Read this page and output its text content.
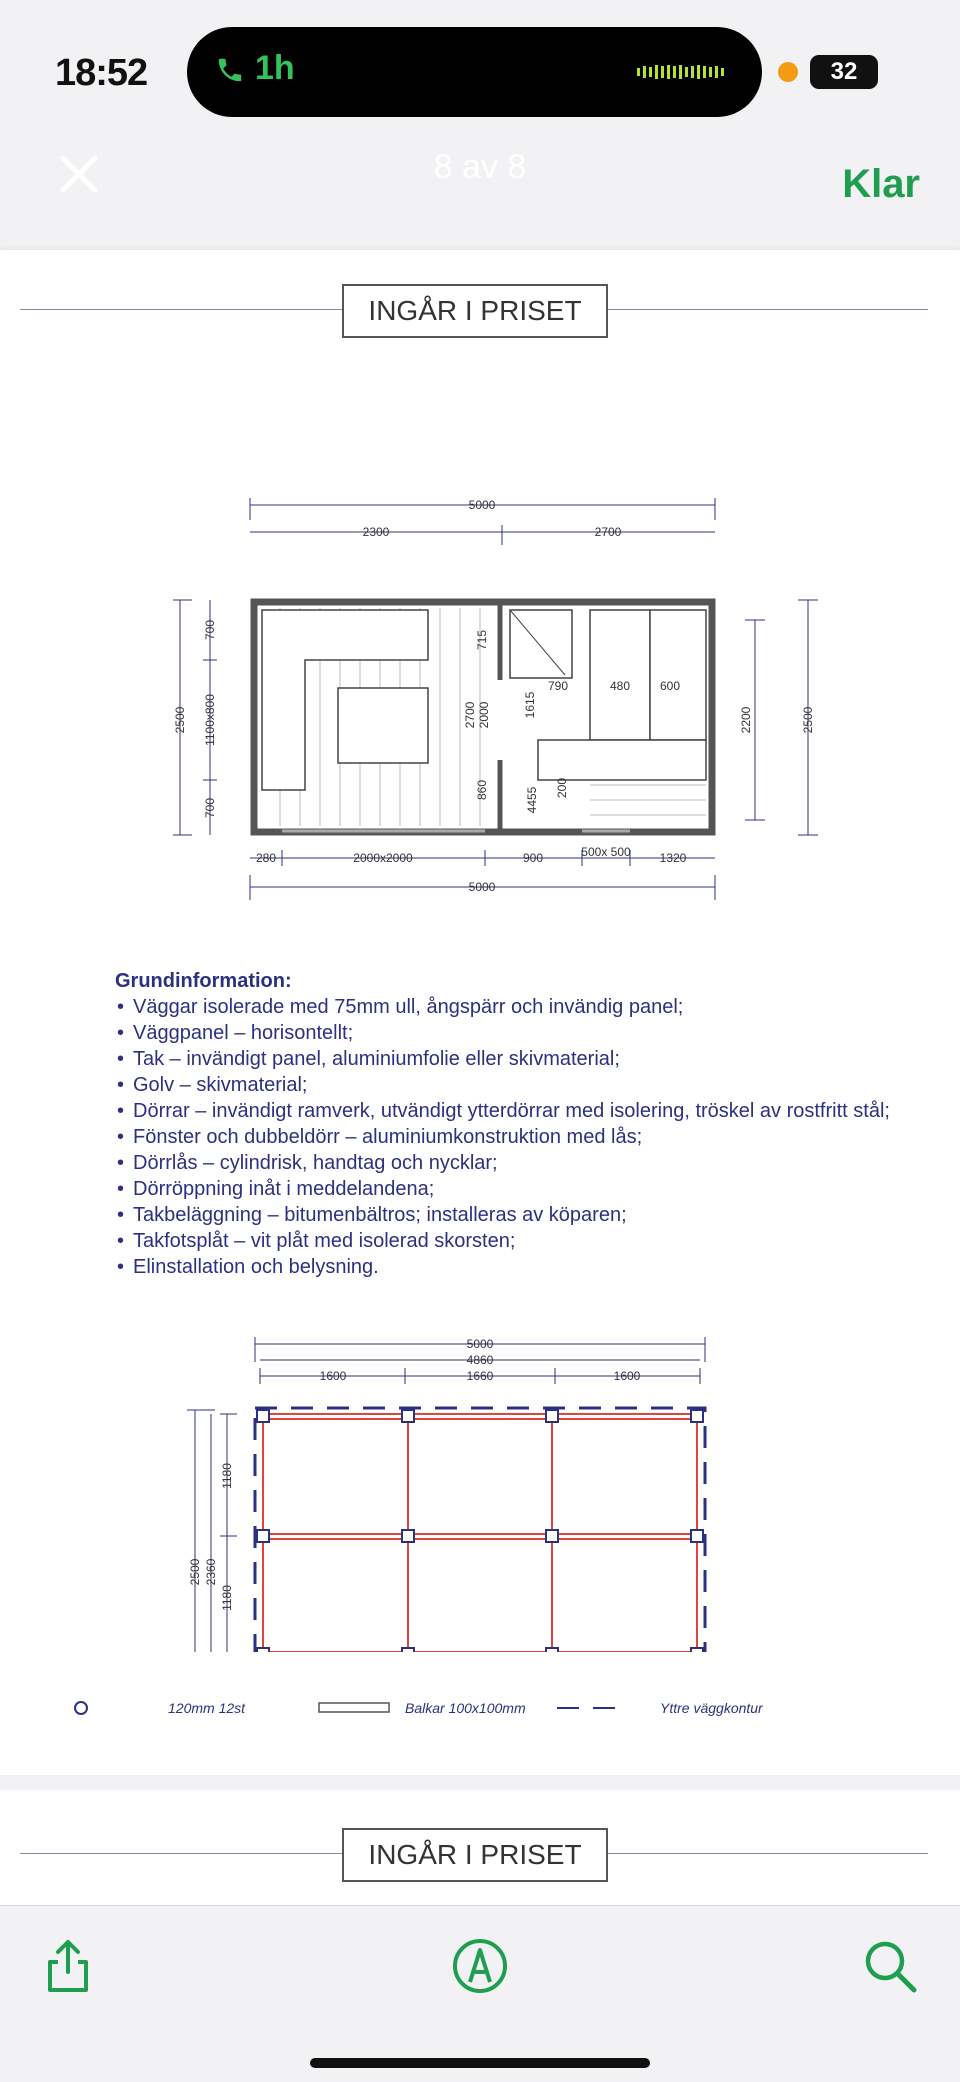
18:52	1h	32
8 av 8	Klar
INGÅR I PRISET
5000
2300	2700
280	2000x2000	900	500x 500 1320
5000
2500
700
1100x800
700
2200	2500
715
790	480 600
2700 2000	1615
860	4455 200
Grundinformation:
• Väggar isolerade med 75mm ull, ångspärr och invändig panel;
• Väggpanel – horisontellt;
• Tak – invändigt panel, aluminiumfolie eller skivmaterial;
• Golv – skivmaterial;
• Dörrar – invändigt ramverk, utvändigt ytterdörrar med isolering, tröskel av rostfritt stål;
• Fönster och dubbeldörr – aluminiumkonstruktion med lås;
• Dörrlås – cylindrisk, handtag och nycklar;
• Dörröppning inåt i meddelandena;
• Takbeläggning – bitumenbältros; installeras av köparen;
• Takfotsplåt – vit plåt med isolerad skorsten;
• Elinstallation och belysning.
5000
4860
1600	1660	1600
2500 2360
1180
1180
120mm 12st	Balkar 100x100mm	Yttre väggkontur
INGÅR I PRISET
